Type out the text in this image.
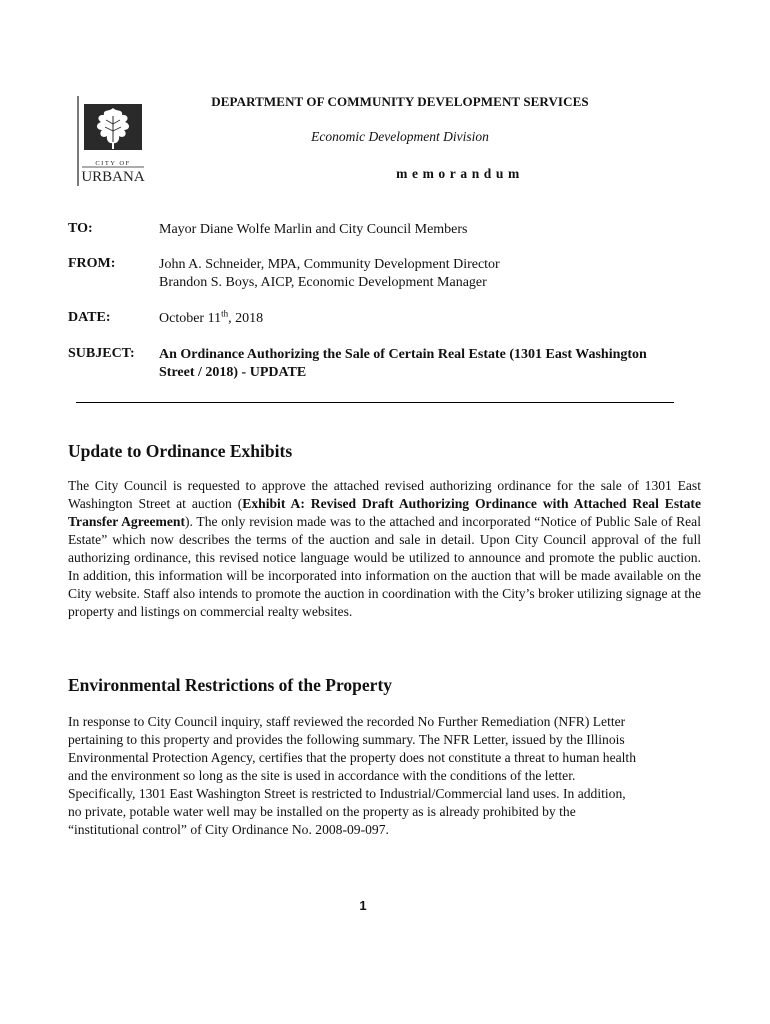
CITY OF
URBANA
DEPARTMENT OF COMMUNITY DEVELOPMENT SERVICES
Economic Development Division
memorandum
TO:	Mayor Diane Wolfe Marlin and City Council Members
FROM:	John A. Schneider, MPA, Community Development Director
Brandon S. Boys, AICP, Economic Development Manager
DATE:	October 11th, 2018
SUBJECT: An Ordinance Authorizing the Sale of Certain Real Estate (1301 East Washington
Street / 2018) - UPDATE
Update to Ordinance Exhibits
The City Council is requested to approve the attached revised authorizing ordinance for the sale of 1301 East Washington Street at auction (Exhibit A: Revised Draft Authorizing Ordinance with Attached Real Estate Transfer Agreement). The only revision made was to the attached and incorporated “Notice of Public Sale of Real Estate” which now describes the terms of the auction and sale in detail. Upon City Council approval of the full authorizing ordinance, this revised notice language would be utilized to announce and promote the public auction. In addition, this information will be incorporated into information on the auction that will be made available on the City website. Staff also intends to promote the auction in coordination with the City’s broker utilizing signage at the property and listings on commercial realty websites.
Environmental Restrictions of the Property
In response to City Council inquiry, staff reviewed the recorded No Further Remediation (NFR) Letter
pertaining to this property and provides the following summary. The NFR Letter, issued by the Illinois
Environmental Protection Agency, certifies that the property does not constitute a threat to human health
and the environment so long as the site is used in accordance with the conditions of the letter.
Specifically, 1301 East Washington Street is restricted to Industrial/Commercial land uses. In addition,
no private, potable water well may be installed on the property as is already prohibited by the
“institutional control” of City Ordinance No. 2008-09-097.
1
